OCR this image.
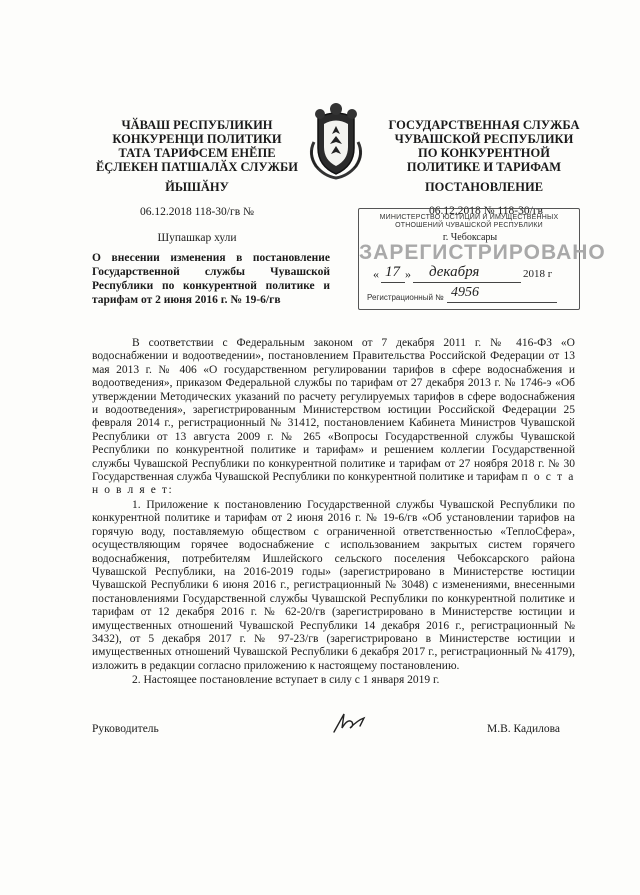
ЧӐВАШ РЕСПУБЛИКИН
КОНКУРЕНЦИ ПОЛИТИКИ
ТАТА ТАРИФСЕМ ЕНӖПЕ
ӖҪЛЕКЕН ПАТШАЛӐХ СЛУЖБИ
ГОСУДАРСТВЕННАЯ СЛУЖБА
ЧУВАШСКОЙ РЕСПУБЛИКИ
ПО КОНКУРЕНТНОЙ
ПОЛИТИКЕ И ТАРИФАМ
ЙЫШӐНУ	ПОСТАНОВЛЕНИЕ
06.12.2018 118-30/гв №	06.12.2018 № 118-30/гв
Шупашкар хули
МИНИСТЕРСТВО ЮСТИЦИИ И ИМУЩЕСТВЕННЫХ
ОТНОШЕНИЙ ЧУВАШСКОЙ РЕСПУБЛИКИ
г. Чебоксары
ЗАРЕГИСТРИРОВАНО
« 17 » декабря	2018 г
Регистрационный № 4956
О внесении изменения в постановление Государственной службы Чувашской Республики по конкурентной политике и тарифам от 2 июня 2016 г. № 19-6/гв

В соответствии с Федеральным законом от 7 декабря 2011 г. № 416-ФЗ «О водоснабжении и водоотведении», постановлением Правительства Российской Федерации от 13 мая 2013 г. № 406 «О государственном регулировании тарифов в сфере водоснабжения и водоотведения», приказом Федеральной службы по тарифам от 27 декабря 2013 г. № 1746-э «Об утверждении Методических указаний по расчету регулируемых тарифов в сфере водоснабжения и водоотведения», зарегистрированным Министерством юстиции Российской Федерации 25 февраля 2014 г., регистрационный № 31412, постановлением Кабинета Министров Чувашской Республики от 13 августа 2009 г. № 265 «Вопросы Государственной службы Чувашской Республики по конкурентной политике и тарифам» и решением коллегии Государственной службы Чувашской Республики по конкурентной политике и тарифам от 27 ноября 2018 г. № 30 Государственная служба Чувашской Республики по конкурентной политике и тарифам п о с т а н о в л я е т:

1. Приложение к постановлению Государственной службы Чувашской Республики по конкурентной политике и тарифам от 2 июня 2016 г. № 19-6/гв «Об установлении тарифов на горячую воду, поставляемую обществом с ограниченной ответственностью «ТеплоСфера», осуществляющим горячее водоснабжение с использованием закрытых систем горячего водоснабжения, потребителям Ишлейского сельского поселения Чебоксарского района Чувашской Республики, на 2016-2019 годы» (зарегистрировано в Министерстве юстиции Чувашской Республики 6 июня 2016 г., регистрационный № 3048) с изменениями, внесенными постановлениями Государственной службы Чувашской Республики по конкурентной политике и тарифам от 12 декабря 2016 г. № 62-20/гв (зарегистрировано в Министерстве юстиции и имущественных отношений Чувашской Республики 14 декабря 2016 г., регистрационный № 3432), от 5 декабря 2017 г. № 97-23/гв (зарегистрировано в Министерстве юстиции и имущественных отношений Чувашской Республики 6 декабря 2017 г., регистрационный № 4179), изложить в редакции согласно приложению к настоящему постановлению.

2. Настоящее постановление вступает в силу с 1 января 2019 г.

Руководитель	М.В. Кадилова
